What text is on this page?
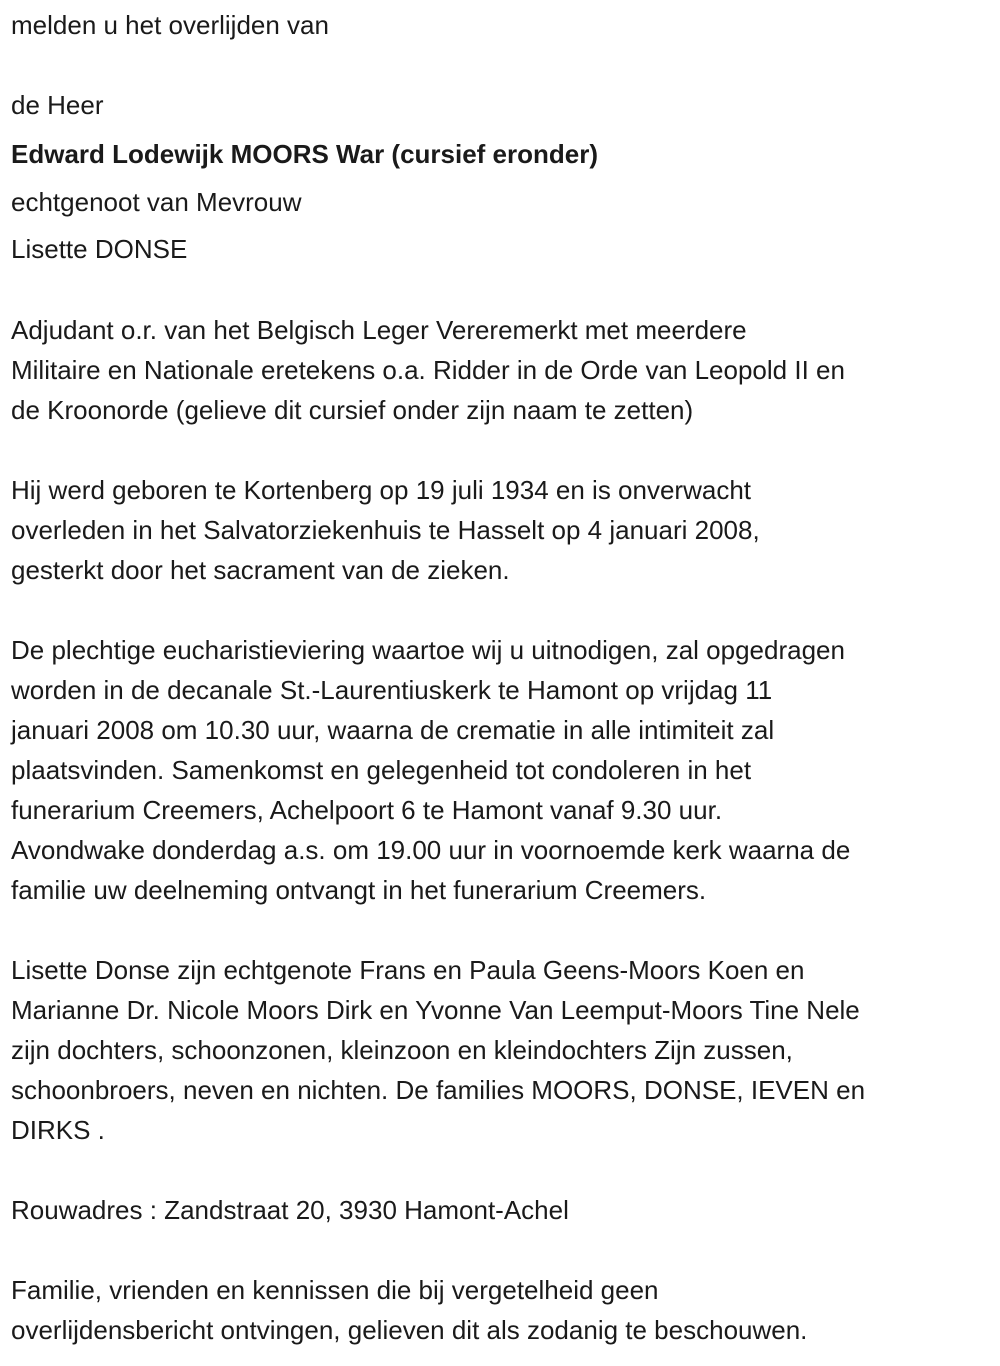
melden u het overlijden van
de Heer
Edward Lodewijk MOORS War (cursief eronder)
echtgenoot van Mevrouw
Lisette DONSE
Adjudant o.r. van het Belgisch Leger Vereremerkt met meerdere
Militaire en Nationale eretekens o.a. Ridder in de Orde van Leopold II en
de Kroonorde (gelieve dit cursief onder zijn naam te zetten)
Hij werd geboren te Kortenberg op 19 juli 1934 en is onverwacht
overleden in het Salvatorziekenhuis te Hasselt op 4 januari 2008,
gesterkt door het sacrament van de zieken.
De plechtige eucharistieviering waartoe wij u uitnodigen, zal opgedragen
worden in de decanale St.-Laurentiuskerk te Hamont op vrijdag 11
januari 2008 om 10.30 uur, waarna de crematie in alle intimiteit zal
plaatsvinden. Samenkomst en gelegenheid tot condoleren in het
funerarium Creemers, Achelpoort 6 te Hamont vanaf 9.30 uur.
Avondwake donderdag a.s. om 19.00 uur in voornoemde kerk waarna de
familie uw deelneming ontvangt in het funerarium Creemers.
Lisette Donse zijn echtgenote Frans en Paula Geens-Moors Koen en
Marianne Dr. Nicole Moors Dirk en Yvonne Van Leemput-Moors Tine Nele
zijn dochters, schoonzonen, kleinzoon en kleindochters Zijn zussen,
schoonbroers, neven en nichten. De families MOORS, DONSE, IEVEN en
DIRKS .
Rouwadres : Zandstraat 20, 3930 Hamont-Achel
Familie, vrienden en kennissen die bij vergetelheid geen
overlijdensbericht ontvingen, gelieven dit als zodanig te beschouwen.
